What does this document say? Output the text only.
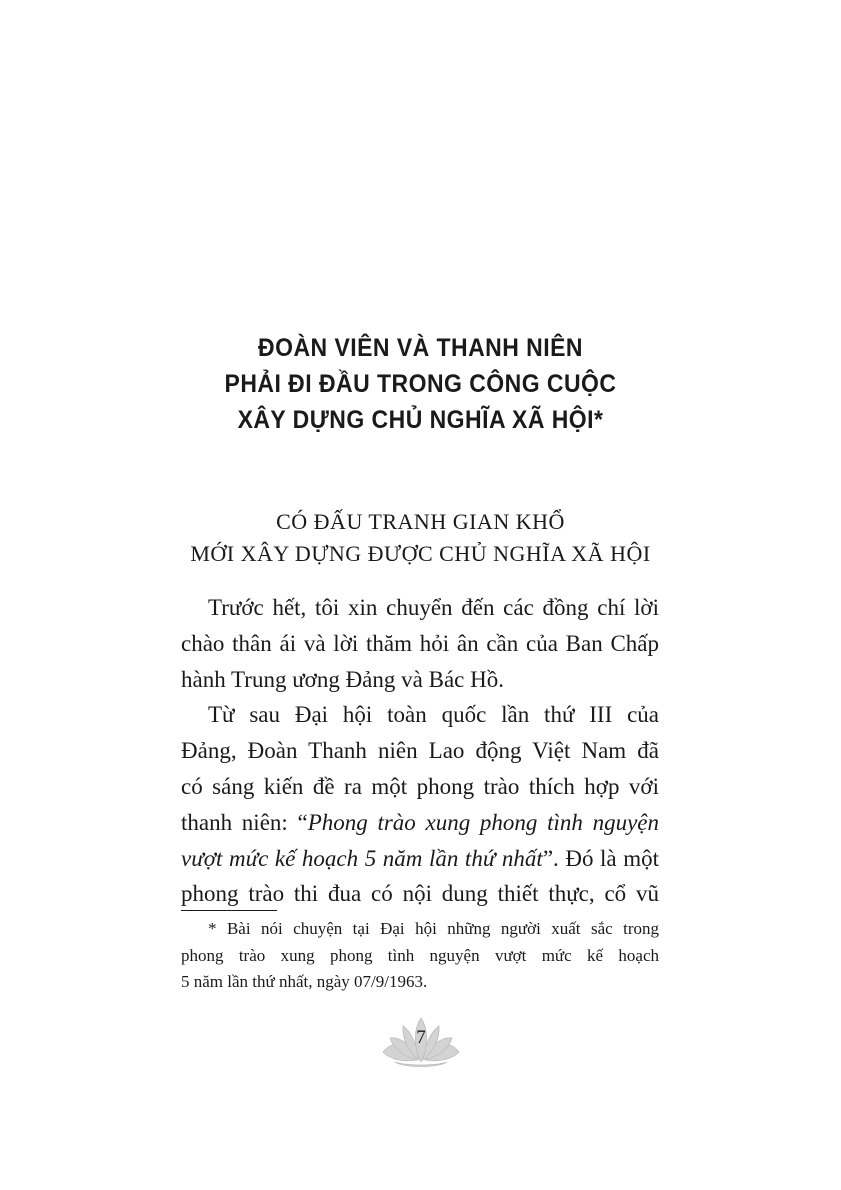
ĐOÀN VIÊN VÀ THANH NIÊN
PHẢI ĐI ĐẦU TRONG CÔNG CUỘC
XÂY DỰNG CHỦ NGHĨA XÃ HỘI*
CÓ ĐẤU TRANH GIAN KHỔ
MỚI XÂY DỰNG ĐƯỢC CHỦ NGHĨA XÃ HỘI
Trước hết, tôi xin chuyển đến các đồng chí lời
chào thân ái và lời thăm hỏi ân cần của Ban Chấp
hành Trung ương Đảng và Bác Hồ.
Từ sau Đại hội toàn quốc lần thứ III của
Đảng, Đoàn Thanh niên Lao động Việt Nam đã
có sáng kiến đề ra một phong trào thích hợp với
thanh niên: “Phong trào xung phong tình nguyện
vượt mức kế hoạch 5 năm lần thứ nhất”. Đó là một
phong trào thi đua có nội dung thiết thực, cổ vũ
* Bài nói chuyện tại Đại hội những người xuất sắc trong
phong trào xung phong tình nguyện vượt mức kế hoạch
5 năm lần thứ nhất, ngày 07/9/1963.
7
